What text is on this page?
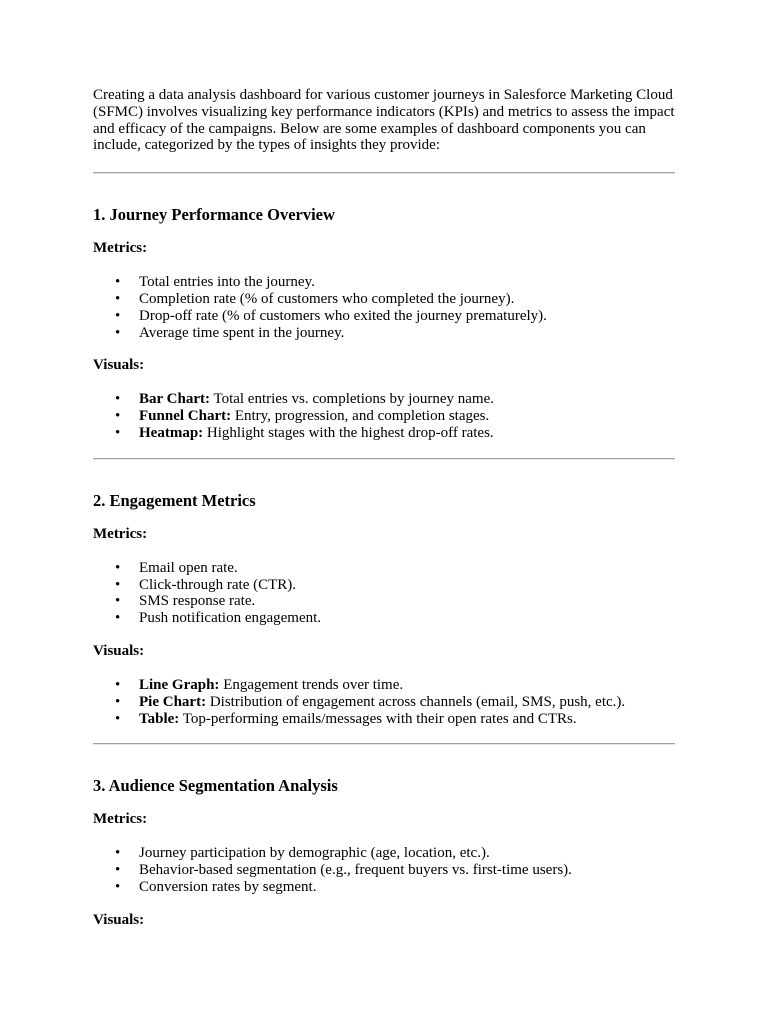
Creating a data analysis dashboard for various customer journeys in Salesforce Marketing Cloud (SFMC) involves visualizing key performance indicators (KPIs) and metrics to assess the impact and efficacy of the campaigns. Below are some examples of dashboard components you can include, categorized by the types of insights they provide:

1. Journey Performance Overview

Metrics:

• Total entries into the journey.
• Completion rate (% of customers who completed the journey).
• Drop-off rate (% of customers who exited the journey prematurely).
• Average time spent in the journey.

Visuals:

• Bar Chart: Total entries vs. completions by journey name.
• Funnel Chart: Entry, progression, and completion stages.
• Heatmap: Highlight stages with the highest drop-off rates.
2. Engagement Metrics

Metrics:

• Email open rate.
• Click-through rate (CTR).
• SMS response rate.
• Push notification engagement.

Visuals:

• Line Graph: Engagement trends over time.
• Pie Chart: Distribution of engagement across channels (email, SMS, push, etc.).
• Table: Top-performing emails/messages with their open rates and CTRs.
3. Audience Segmentation Analysis

Metrics:

• Journey participation by demographic (age, location, etc.).
• Behavior-based segmentation (e.g., frequent buyers vs. first-time users).
• Conversion rates by segment.

Visuals:
